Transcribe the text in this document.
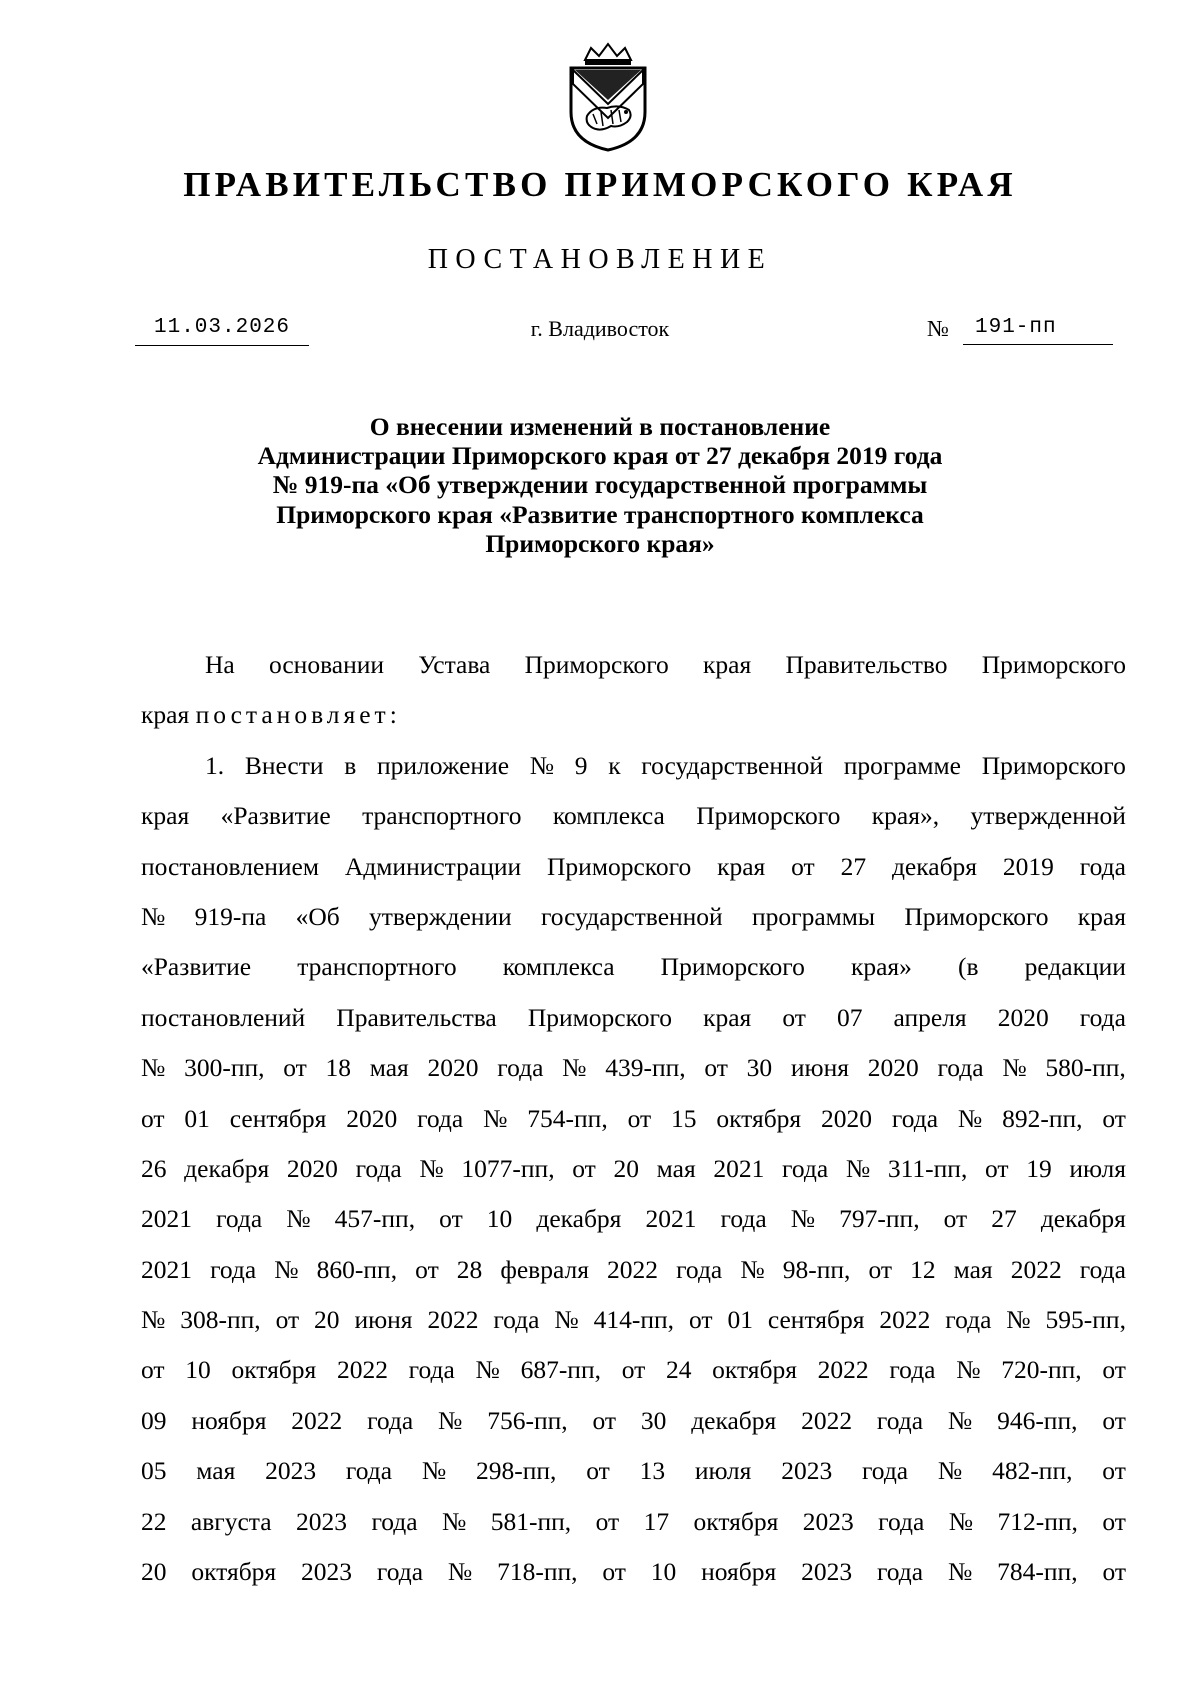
ПРАВИТЕЛЬСТВО ПРИМОРСКОГО КРАЯ
ПОСТАНОВЛЕНИЕ
11.03.2026	г. Владивосток	№	191-пп
О внесении изменений в постановление
Администрации Приморского края от 27 декабря 2019 года
№ 919-па «Об утверждении государственной программы
Приморского края «Развитие транспортного комплекса
Приморского края»
На основании Устава Приморского края Правительство Приморского
края
постановляет:
1. Внести в приложение № 9 к государственной программе Приморского
края «Развитие транспортного комплекса Приморского края», утвержденной
постановлением Администрации Приморского края от 27 декабря 2019 года
№ 919-па «Об утверждении государственной программы Приморского края
«Развитие транспортного комплекса Приморского края» (в редакции
постановлений Правительства Приморского края от 07 апреля 2020 года
№ 300-пп, от 18 мая 2020 года № 439-пп, от 30 июня 2020 года № 580-пп,
от 01 сентября 2020 года № 754-пп, от 15 октября 2020 года № 892-пп, от
26 декабря 2020 года № 1077-пп, от 20 мая 2021 года № 311-пп, от 19 июля
2021 года № 457-пп, от 10 декабря 2021 года № 797-пп, от 27 декабря
2021 года № 860-пп, от 28 февраля 2022 года № 98-пп, от 12 мая 2022 года
№ 308-пп, от 20 июня 2022 года № 414-пп, от 01 сентября 2022 года № 595-пп,
от 10 октября 2022 года № 687-пп, от 24 октября 2022 года № 720-пп, от
09 ноября 2022 года № 756-пп, от 30 декабря 2022 года № 946-пп, от
05 мая 2023 года № 298-пп, от 13 июля 2023 года № 482-пп, от
22 августа 2023 года № 581-пп, от 17 октября 2023 года № 712-пп, от
20 октября 2023 года № 718-пп, от 10 ноября 2023 года № 784-пп, от
